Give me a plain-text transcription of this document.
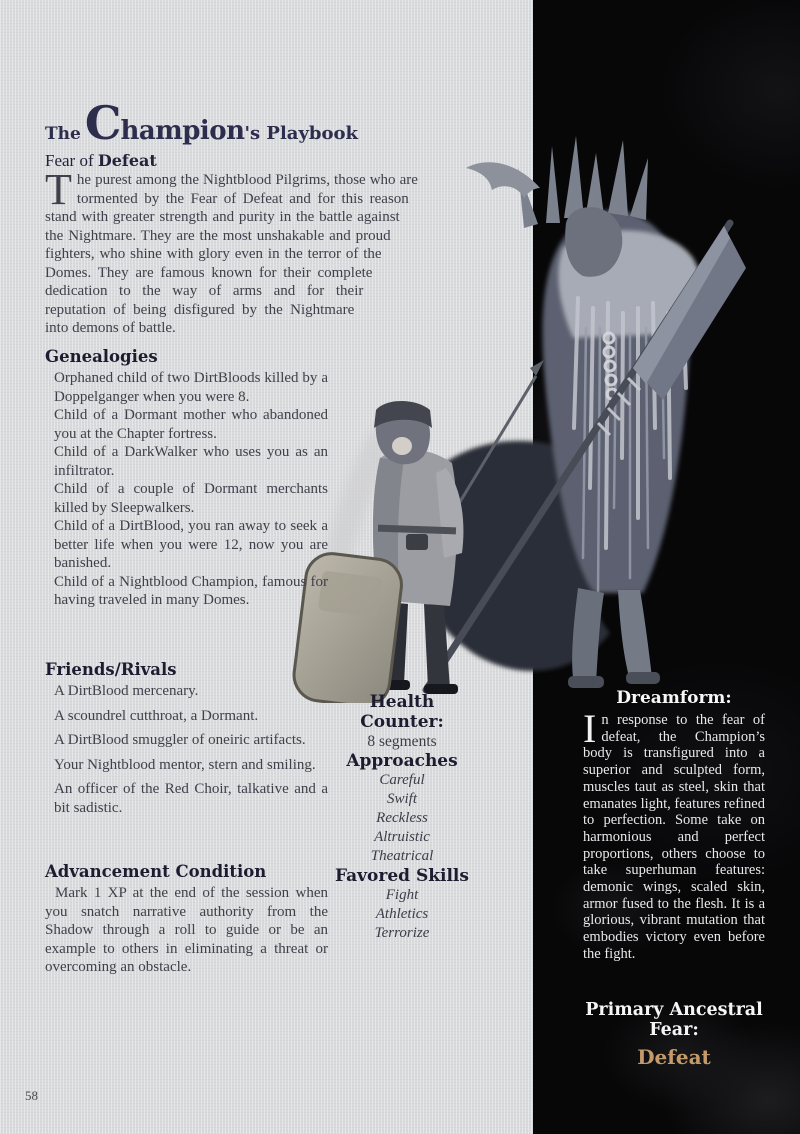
The Champion's Playbook
Fear of Defeat
The purest among the Nightblood Pilgrims, those who are tormented by the Fear of Defeat and for this reason stand with greater strength and purity in the battle against the Nightmare. They are the most unshakable and proud fighters, who shine with glory even in the terror of the Domes. They are famous known for their complete dedication to the way of arms and for their reputation of being disfigured by the Nightmare into demons of battle.
Genealogies

Orphaned child of two DirtBloods killed by a Doppelganger when you were 8.

Child of a Dormant mother who abandoned you at the Chapter fortress.

Child of a DarkWalker who uses you as an infiltrator.

Child of a couple of Dormant merchants killed by Sleepwalkers.

Child of a DirtBlood, you ran away to seek a better life when you were 12, now you are banished.

Child of a Nightblood Champion, famous for having traveled in many Domes.

Friends/Rivals

A DirtBlood mercenary.

A scoundrel cutthroat, a Dormant.

A DirtBlood smuggler of oneiric artifacts.

Your Nightblood mentor, stern and smiling.

An officer of the Red Choir, talkative and a bit sadistic.

Advancement Condition

Mark 1 XP at the end of the session when you snatch narrative authority from the Shadow through a roll to guide or be an example to others in eliminating a threat or overcoming an obstacle.

Health Counter:
8 segments
Approaches
Careful
Swift
Reckless
Altruistic
Theatrical
Favored Skills
Fight
Athletics
Terrorize
Dreamform:

In response to the fear of defeat, the Champion’s body is transfigured into a superior and sculpted form, muscles taut as steel, skin that emanates light, features refined to perfection. Some take on harmonious and perfect proportions, others choose to take superhuman features: demonic wings, scaled skin, armor fused to the flesh. It is a glorious, vibrant mutation that embodies victory even before the fight.

Primary Ancestral Fear:
Defeat
58
